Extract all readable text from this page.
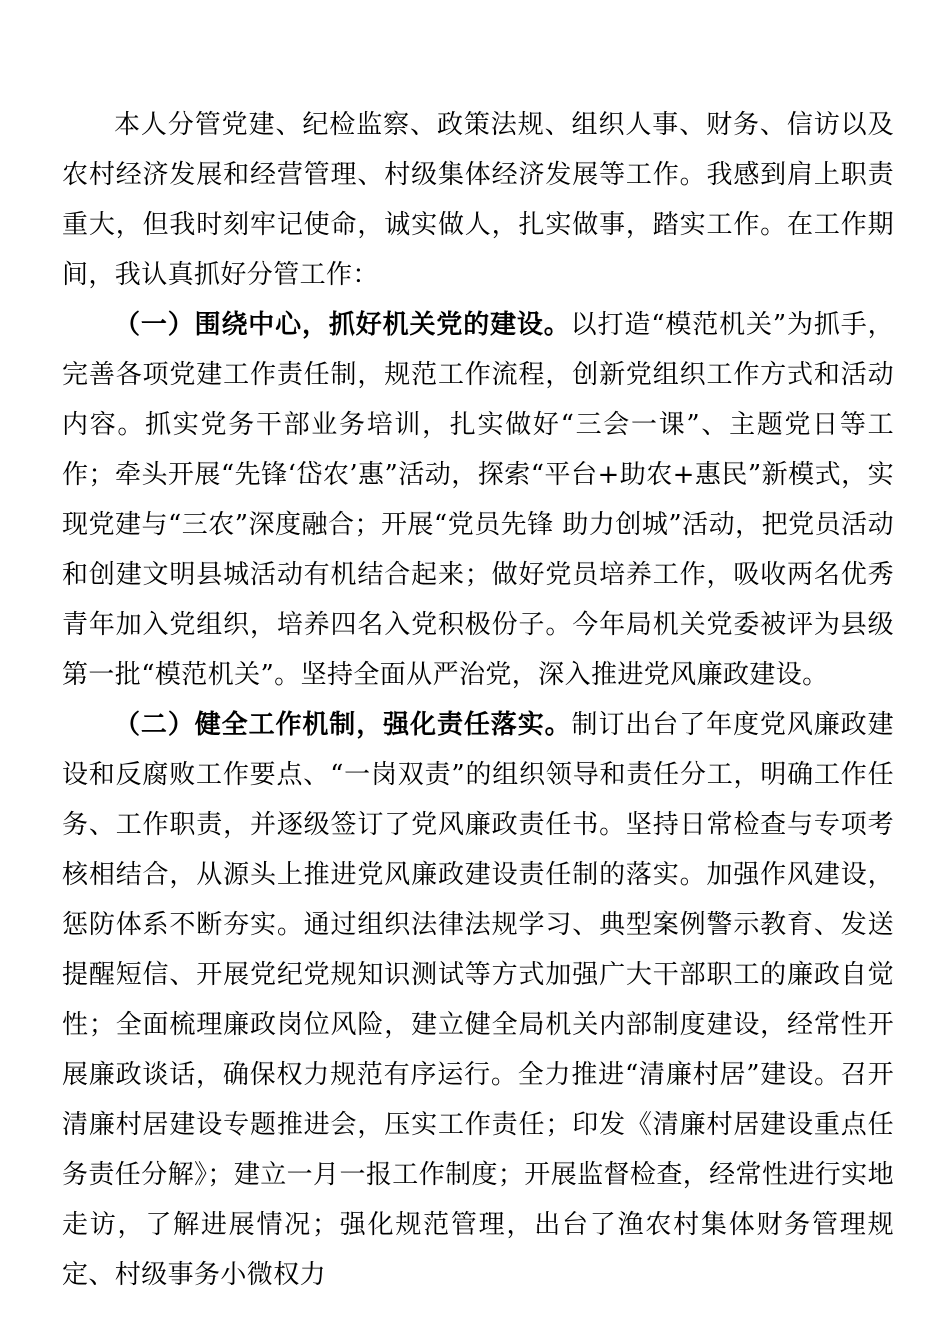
本人分管党建、纪检监察、政策法规、组织人事、财务、信访以及农村经济发展和经营管理、村级集体经济发展等工作。我感到肩上职责重大，但我时刻牢记使命，诚实做人，扎实做事，踏实工作。在工作期间，我认真抓好分管工作：

（一）围绕中心，抓好机关党的建设。以打造“模范机关”为抓手，完善各项党建工作责任制，规范工作流程，创新党组织工作方式和活动内容。抓实党务干部业务培训，扎实做好“三会一课”、主题党日等工作；牵头开展“先锋‘岱农’惠”活动，探索“平台+助农+惠民”新模式，实现党建与“三农”深度融合；开展“党员先锋 助力创城”活动，把党员活动和创建文明县城活动有机结合起来；做好党员培养工作，吸收两名优秀青年加入党组织，培养四名入党积极份子。今年局机关党委被评为县级第一批“模范机关”。坚持全面从严治党，深入推进党风廉政建设。

（二）健全工作机制，强化责任落实。制订出台了年度党风廉政建设和反腐败工作要点、“一岗双责”的组织领导和责任分工，明确工作任务、工作职责，并逐级签订了党风廉政责任书。坚持日常检查与专项考核相结合，从源头上推进党风廉政建设责任制的落实。加强作风建设，惩防体系不断夯实。通过组织法律法规学习、典型案例警示教育、发送提醒短信、开展党纪党规知识测试等方式加强广大干部职工的廉政自觉性；全面梳理廉政岗位风险，建立健全局机关内部制度建设，经常性开展廉政谈话，确保权力规范有序运行。全力推进“清廉村居”建设。召开清廉村居建设专题推进会，压实工作责任；印发《清廉村居建设重点任务责任分解》；建立一月一报工作制度；开展监督检查，经常性进行实地走访，了解进展情况；强化规范管理，出台了渔农村集体财务管理规定、村级事务小微权力
